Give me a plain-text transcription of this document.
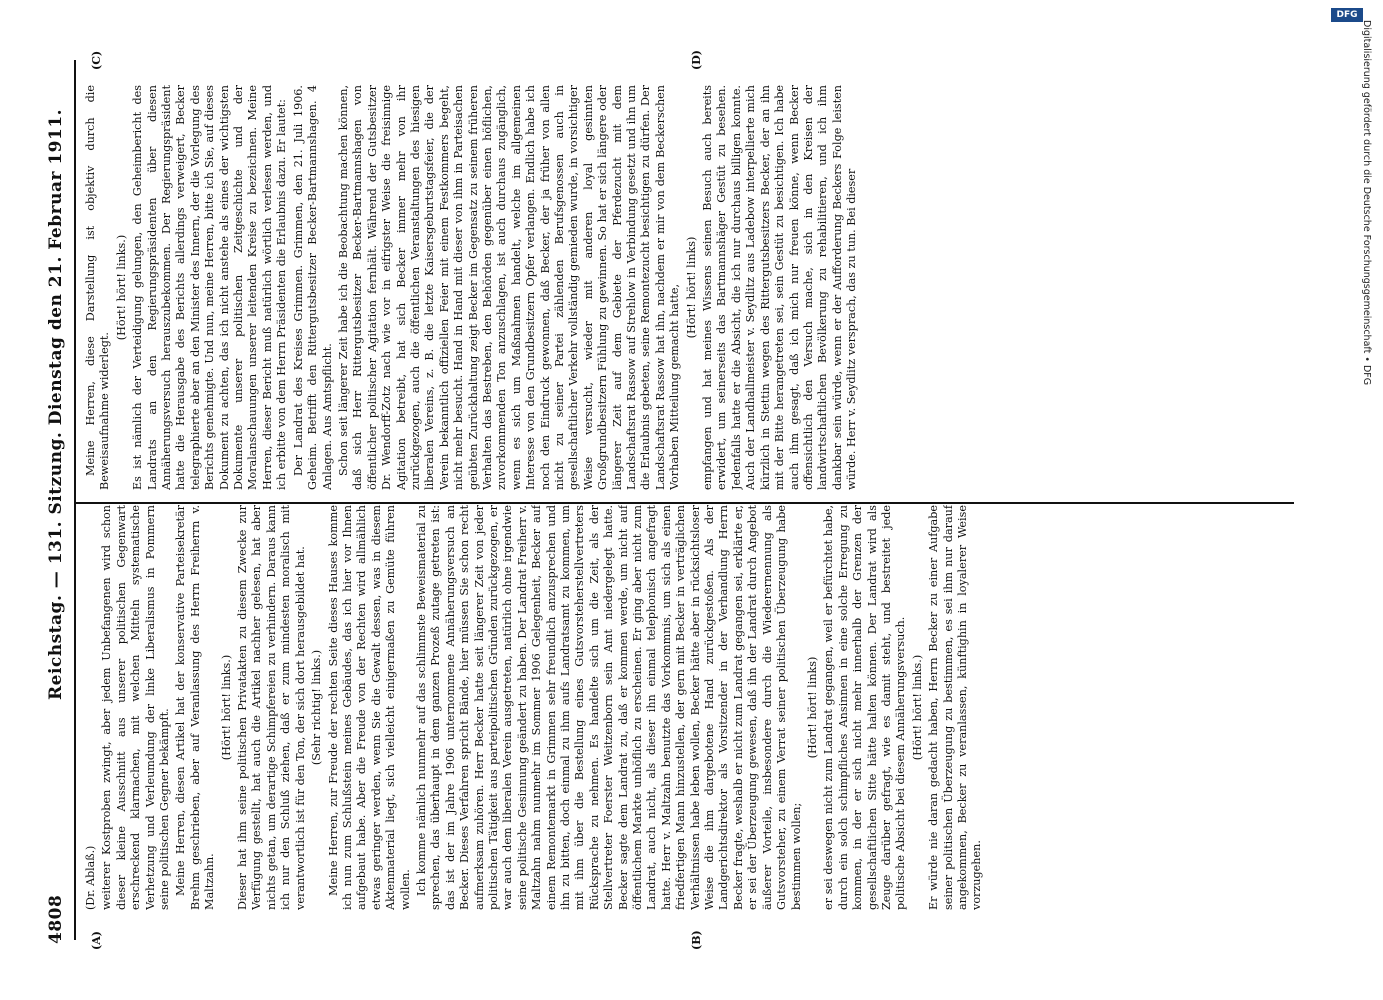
4808
Reichstag. — 131. Sitzung. Dienstag den 21. Februar 1911.
(A)	(B)
(C)	(D)

(Dr. Ablaß.) weiterer Kostproben zwingt, aber jedem Unbefangenen wird schon dieser kleine Ausschnitt aus unserer politischen Gegenwart erschreckend klarmachen, mit welchen Mitteln systematische Verhetzung und Verleumdung der linke Liberalismus in Pommern seine politischen Gegner bekämpft. Meine Herren, diesen Artikel hat der konservative Parteisekretär Brehm geschrieben, aber auf Veranlassung des Herrn Freiherrn v. Maltzahn.

(Hört! hört! links.) Dieser hat ihm seine politischen Privatakten zu diesem Zwecke zur Verfügung gestellt, hat auch die Artikel nachher gelesen, hat aber nichts getan, um derartige Schimpfereien zu verhindern. Daraus kann ich nur den Schluß ziehen, daß er zum mindesten moralisch mit verantwortlich ist für den Ton, der sich dort herausgebildet hat. (Sehr richtig! links.) Meine Herren, zur Freude der rechten Seite dieses Hauses komme ich nun zum Schlußstein meines Gebäudes, das ich hier vor Ihnen aufgebaut habe. Aber die Freude von der Rechten wird allmählich etwas geringer werden, wenn Sie die Gewalt dessen, was in diesem Aktenmaterial liegt, sich vielleicht einigermaßen zu Gemüte führen wollen. Ich komme nämlich nunmehr auf das schlimmste Beweismaterial zu sprechen, das überhaupt in dem ganzen Prozeß zutage getreten ist: das ist der im Jahre 1906 unternommene Annäherungsversuch an Becker. Dieses Verfahren spricht Bände, hier müssen Sie schon recht aufmerksam zuhören. Herr Becker hatte seit längerer Zeit von jeder politischen Tätigkeit aus parteipolitischen Gründen zurückgezogen, er war auch dem liberalen Verein ausgetreten, natürlich ohne irgendwie seine politische Gesinnung geändert zu haben. Der Landrat Freiherr v. Maltzahn nahm nunmehr im Sommer 1906 Gelegenheit, Becker auf einem Remontemarkt in Grimmen sehr freundlich anzusprechen und ihn zu bitten, doch einmal zu ihm aufs Landratsamt zu kommen, um mit ihm über die Bestellung eines Gutsvorsteherstellvertreters Rücksprache zu nehmen. Es handelte sich um die Zeit, als der Stellvertreter Foerster Weitzenborn sein Amt niedergelegt hatte. Becker sagte dem Landrat zu, daß er kommen werde, um nicht auf öffentlichem Markte unhöflich zu erscheinen. Er ging aber nicht zum Landrat, auch nicht, als dieser ihn einmal telephonisch angefragt hatte. Herr v. Maltzahn benutzte das Vorkommnis, um sich als einen friedfertigen Mann hinzustellen, der gern mit Becker in verträglichen Verhältnissen habe leben wollen, Becker hätte aber in rücksichtsloser Weise die ihm dargebotene Hand zurückgestoßen. Als der Landgerichtsdirektor als Vorsitzender in der Verhandlung Herrn Becker fragte, weshalb er nicht zum Landrat gegangen sei, erklärte er, er sei der Überzeugung gewesen, daß ihn der Landrat durch Angebot äußerer Vorteile, insbesondere durch die Wiederernennung als Gutsvorsteher, zu einem Verrat seiner politischen Überzeugung habe bestimmen wollen;

(Hört! hört! links) er sei deswegen nicht zum Landrat gegangen, weil er befürchtet habe, durch ein solch schimpfliches Ansinnen in eine solche Erregung zu kommen, in der er sich nicht mehr innerhalb der Grenzen der gesellschaftlichen Sitte hätte halten können. Der Landrat wird als Zeuge darüber gefragt, wie es damit steht, und bestreitet jede politische Absicht bei diesem Annäherungsversuch. (Hört! hört! links.) Er würde nie daran gedacht haben, Herrn Becker zu einer Aufgabe seiner politischen Überzeugung zu bestimmen, es sei ihm nur darauf angekommen, Becker zu veranlassen, künftighin in loyalerer Weise vorzugehen.

Meine Herren, diese Darstellung ist objektiv durch die Beweisaufnahme widerlegt.

(Hört! hört! links.) Es ist nämlich der Verteidigung gelungen, den Geheimbericht des Landrats an den Regierungspräsidenten über diesen Annäherungsversuch herauszubekommen. Der Regierungspräsident hatte die Herausgabe des Berichts allerdings verweigert, Becker telegraphierte aber an den Minister des Innern, der die Vorlegung des Berichts genehmigte. Und nun, meine Herren, bitte ich Sie, auf dieses Dokument zu achten, das ich nicht anstehe als eines der wichtigsten Dokumente unserer politischen Zeitgeschichte und der Moralanschauungen unserer leitenden Kreise zu bezeichnen. Meine Herren, dieser Bericht muß natürlich wörtlich verlesen werden, und ich erbitte von dem Herrn Präsidenten die Erlaubnis dazu. Er lautet: Der Landrat des Kreises Grimmen. Grimmen, den 21. Juli 1906. Geheim. Betrifft den Rittergutsbesitzer Becker-Bartmannshagen. 4 Anlagen. Aus Amtspflicht. Schon seit längerer Zeit habe ich die Beobachtung machen können, daß sich Herr Rittergutsbesitzer Becker-Bartmannshagen von öffentlicher politischer Agitation fernhält. Während der Gutsbesitzer Dr. Wendorff-Zotz nach wie vor in eifrigster Weise die freisinnige Agitation betreibt, hat sich Becker immer mehr von ihr zurückgezogen, auch die öffentlichen Veranstaltungen des hiesigen liberalen Vereins, z. B. die letzte Kaisersgeburtstagsfeier, die der Verein bekanntlich offiziellen Feier mit einem Festkommers begeht, nicht mehr besucht. Hand in Hand mit dieser von ihm in Parteisachen geübten Zurückhaltung zeigt Becker im Gegensatz zu seinem früheren Verhalten das Bestreben, den Behörden gegenüber einen höflichen, zuvorkommenden Ton anzuschlagen, ist auch durchaus zugänglich, wenn es sich um Maßnahmen handelt, welche im allgemeinen Interesse von den Grundbesitzern Opfer verlangen. Endlich habe ich noch den Eindruck gewonnen, daß Becker, der ja früher von allen nicht zu seiner Partei zählenden Berufsgenossen auch in gesellschaftlicher Verkehr vollständig gemieden wurde, in vorsichtiger Weise versucht, wieder mit anderen loyal gesinnten Großgrundbesitzern Fühlung zu gewinnen. So hat er sich längere oder längerer Zeit auf dem Gebiete der Pferdezucht mit dem Landschaftsrat Rassow auf Strehlow in Verbindung gesetzt und ihn um die Erlaubnis gebeten, seine Remontezucht besichtigen zu dürfen. Der Landschaftsrat Rassow hat ihn, nachdem er mir von dem Beckerschen Vorhaben Mitteilung gemacht hatte, (Hört! hört! links) empfangen und hat meines Wissens seinen Besuch auch bereits erwidert, um seinerseits das Bartmannshäger Gestüt zu besehen. Jedenfalls hatte er die Absicht, die ich nur durchaus billigen konnte. Auch der Landhallmeister v. Seydlitz aus Ladebow interpellierte mich kürzlich in Stettin wegen des Rittergutsbesitzers Becker, der an ihn mit der Bitte herangetreten sei, sein Gestüt zu besichtigen. Ich habe auch ihm gesagt, daß ich mich nur freuen könne, wenn Becker offensichtlich den Versuch mache, sich in den Kreisen der landwirtschaftlichen Bevölkerung zu rehabilitieren, und ich ihm dankbar sein würde, wenn er der Aufforderung Beckers Folge leisten würde. Herr v. Seydlitz versprach, das zu tun. Bei dieser

DFG
Digitalisierung gefördert durch die Deutsche Forschungsgemeinschaft • DFG
